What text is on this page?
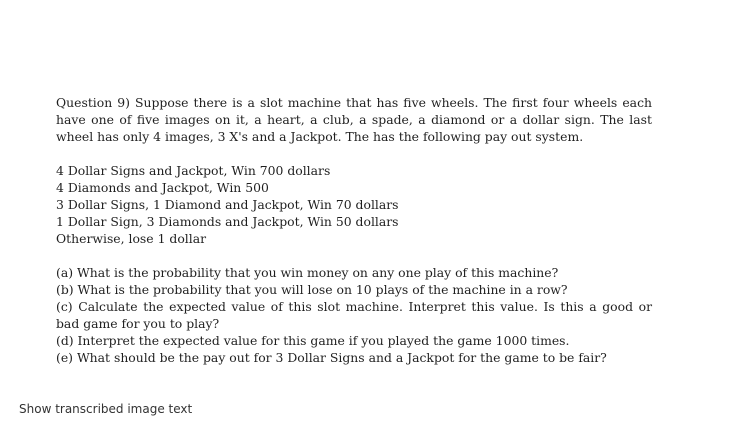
Question 9) Suppose there is a slot machine that has five wheels. The first four wheels each have one of five images on it, a heart, a club, a spade, a diamond or a dollar sign. The last wheel has only 4 images, 3 X's and a Jackpot. The has the following pay out system.

4 Dollar Signs and Jackpot, Win 700 dollars
4 Diamonds and Jackpot, Win 500
3 Dollar Signs, 1 Diamond and Jackpot, Win 70 dollars
1 Dollar Sign, 3 Diamonds and Jackpot, Win 50 dollars
Otherwise, lose 1 dollar

(a) What is the probability that you win money on any one play of this machine?

(b) What is the probability that you will lose on 10 plays of the machine in a row?

(c) Calculate the expected value of this slot machine. Interpret this value. Is this a good or bad game for you to play?

(d) Interpret the expected value for this game if you played the game 1000 times.

(e) What should be the pay out for 3 Dollar Signs and a Jackpot for the game to be fair?

Show transcribed image text
